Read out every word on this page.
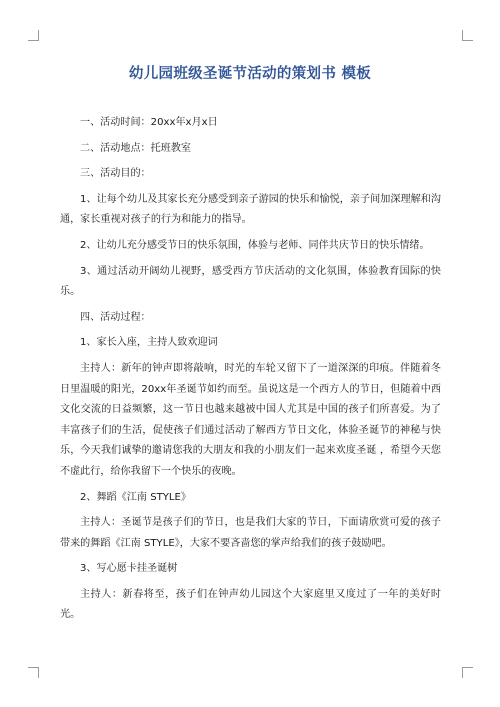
幼儿园班级圣诞节活动的策划书 模板

一、活动时间：20xx年x月x日

二、活动地点：托班教室

三、活动目的：

1、让每个幼儿及其家长充分感受到亲子游园的快乐和愉悦，亲子间加深理解和沟通，家长重视对孩子的行为和能力的指导。

2、让幼儿充分感受节日的快乐氛围，体验与老师、同伴共庆节日的快乐情绪。

3、通过活动开阔幼儿视野，感受西方节庆活动的文化氛围，体验教育国际的快乐。

四、活动过程：

1、家长入座，主持人致欢迎词

主持人：新年的钟声即将敲响，时光的车轮又留下了一道深深的印痕。伴随着冬日里温暖的阳光，20xx年圣诞节如约而至。虽说这是一个西方人的节日，但随着中西文化交流的日益频繁，这一节日也越来越被中国人尤其是中国的孩子们所喜爱。为了丰富孩子们的生活，促使孩子们通过活动了解西方节日文化，体验圣诞节的神秘与快乐，今天我们诚挚的邀请您我的大朋友和我的小朋友们一起来欢度圣诞 ，希望今天您不虚此行，给你我留下一个快乐的夜晚。

2、舞蹈《江南 STYLE》

主持人：圣诞节是孩子们的节日，也是我们大家的节日，下面请欣赏可爱的孩子带来的舞蹈《江南 STYLE》，大家不要吝啬您的掌声给我们的孩子鼓励吧。

3、写心愿卡挂圣诞树

主持人：新春将至，孩子们在钟声幼儿园这个大家庭里又度过了一年的美好时光。
